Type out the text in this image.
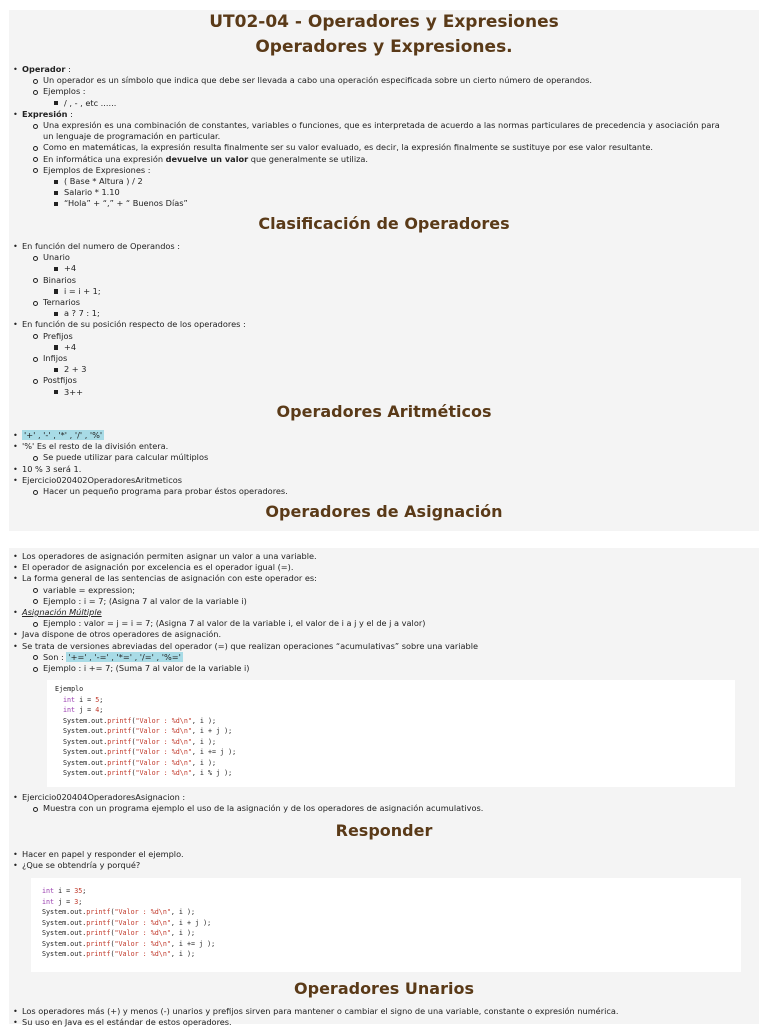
UT02-04 - Operadores y Expresiones
Operadores y Expresiones.
• Operador :
Un operador es un símbolo que indica que debe ser llevada a cabo una operación especificada sobre un cierto número de operandos.
Ejemplos :
/ , - , etc ......
• Expresión :
Una expresión es una combinación de constantes, variables o funciones, que es interpretada de acuerdo a las normas particulares de precedencia y asociación para un lenguaje de programación en particular.
Como en matemáticas, la expresión resulta finalmente ser su valor evaluado, es decir, la expresión finalmente se sustituye por ese valor resultante.
En informática una expresión devuelve un valor que generalmente se utiliza.
Ejemplos de Expresiones :
( Base * Altura ) / 2
Salario * 1.10
“Hola” + “,” + “ Buenos Días”
Clasificación de Operadores
• En función del numero de Operandos :
Unario
+4
Binarios
i = i + 1;
Ternarios
a ? 7 : 1;
• En función de su posición respecto de los operadores :
Prefijos
+4
Infijos
2 + 3
Postfijos
3++
Operadores Aritméticos
• '+' , '-' , '*' , '/' , '%'
• '%' Es el resto de la división entera.
Se puede utilizar para calcular múltiplos
• 10 % 3 será 1.
• Ejercicio020402OperadoresAritmeticos
Hacer un pequeño programa para probar éstos operadores.
Operadores de Asignación
• Los operadores de asignación permiten asignar un valor a una variable.
• El operador de asignación por excelencia es el operador igual (=).
• La forma general de las sentencias de asignación con este operador es:
variable = expression;
Ejemplo : i = 7; (Asigna 7 al valor de la variable i)
• Asignación Múltiple
Ejemplo : valor = j = i = 7; (Asigna 7 al valor de la variable i, el valor de i a j y el de j a valor)
• Java dispone de otros operadores de asignación.
• Se trata de versiones abreviadas del operador (=) que realizan operaciones “acumulativas” sobre una variable
Son : '+=' , '-=' , '*=' , '/=' , '%='
Ejemplo : i += 7; (Suma 7 al valor de la variable i)
Ejemplo
int i = 5;
int j = 4;
System.out.printf("Valor : %d\n", i );
System.out.printf("Valor : %d\n", i + j );
System.out.printf("Valor : %d\n", i );
System.out.printf("Valor : %d\n", i += j );
System.out.printf("Valor : %d\n", i );
System.out.printf("Valor : %d\n", i % j );
• Ejercicio020404OperadoresAsignacion :
Muestra con un programa ejemplo el uso de la asignación y de los operadores de asignación acumulativos.
Responder
• Hacer en papel y responder el ejemplo.
• ¿Que se obtendría y porqué?
int i = 35;
int j = 3;
System.out.printf("Valor : %d\n", i );
System.out.printf("Valor : %d\n", i + j );
System.out.printf("Valor : %d\n", i );
System.out.printf("Valor : %d\n", i += j );
System.out.printf("Valor : %d\n", i );
Operadores Unarios
• Los operadores más (+) y menos (-) unarios y prefijos sirven para mantener o cambiar el signo de una variable, constante o expresión numérica.
• Su uso en Java es el estándar de estos operadores.
